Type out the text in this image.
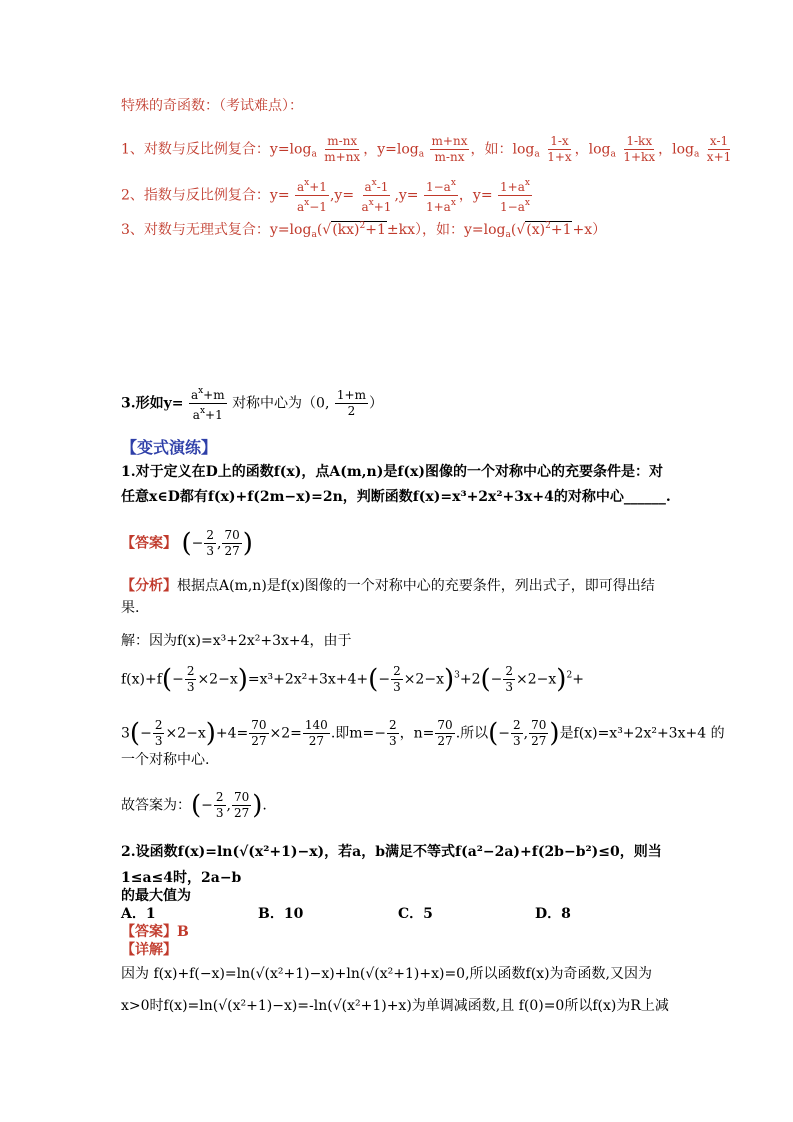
特殊的奇函数：（考试难点）：
1、对数与反比例复合：$y=\log_a \frac{m-nx}{m+nx}$ ，$y=\log_a \frac{m+nx}{m-nx}$ ，如：$\log_a \frac{1-x}{1+x}$ ，$\log_a \frac{1-kx}{1+kx}$ ，$\log_a \frac{x-1}{x+1}$
2、指数与反比例复合：$y= \frac{a^x+1}{a^x-1} ,y= \frac{a^x-1}{a^x+1} ,y= \frac{1-a^x}{1+a^x}$ ，$y= \frac{1+a^x}{1-a^x}$
3、对数与无理式复合：$y=\log_a(√(kx)^2+1\pm kx)$，如：$y=\log_a(√(x)^2+1+x)$
3.形如$y= \frac{a^x+m}{a^x+1}$ 对称中心为（0, $\frac{1+m}{2}$ ）
【变式演练】
1.对于定义在D上的函数f(x)，点A(m,n)是f(x)图像的一个对称中心的充要条件是：对
任意x∈D都有f(x)+f(2m−x)=2n，判断函数f(x)=x³+2x²+3x+4的对称中心______.
【答案】 (− $\frac{2}{3}$ , $\frac{70}{27}$ )
【分析】根据点A(m,n)是f(x)图像的一个对称中心的充要条件，列出式子，即可得出结
果.
解：因为f(x)=x³+2x²+3x+4，由于
$f(x)+f(- \frac{2}{3} \times 2-x)=x^3+2x^2+3x+4+(- \frac{2}{3} \times 2-x)^3+2(- \frac{2}{3} \times 2-x)^2+$
$3(- \frac{2}{3} \times 2-x)+4= \frac{70}{27} \times 2= \frac{140}{27}$ .即$m=- \frac{2}{3}$ ，$n= \frac{70}{27}$ .所以(− $\frac{2}{3}$ , $\frac{70}{27}$ )是f(x)=x³+2x²+3x+4 的
一个对称中心.
故答案为：(− $\frac{2}{3}$ , $\frac{70}{27}$ ).
2.设函数f(x)=ln(√(x²+1)−x)，若a，b满足不等式f(a²−2a)+f(2b−b²)≤0，则当
1≤a≤4时，2a−b
的最大值为
A．1	B．10	C．5	D．8
【答案】B
【详解】
因为 f(x)+f(−x)=ln(√(x²+1)−x)+ln(√(x²+1)+x)=0,所以函数f(x)为奇函数,又因为
x>0时f(x)=ln(√(x²+1)−x)=-ln(√(x²+1)+x)为单调减函数,且 f(0)=0所以f(x)为R上减
